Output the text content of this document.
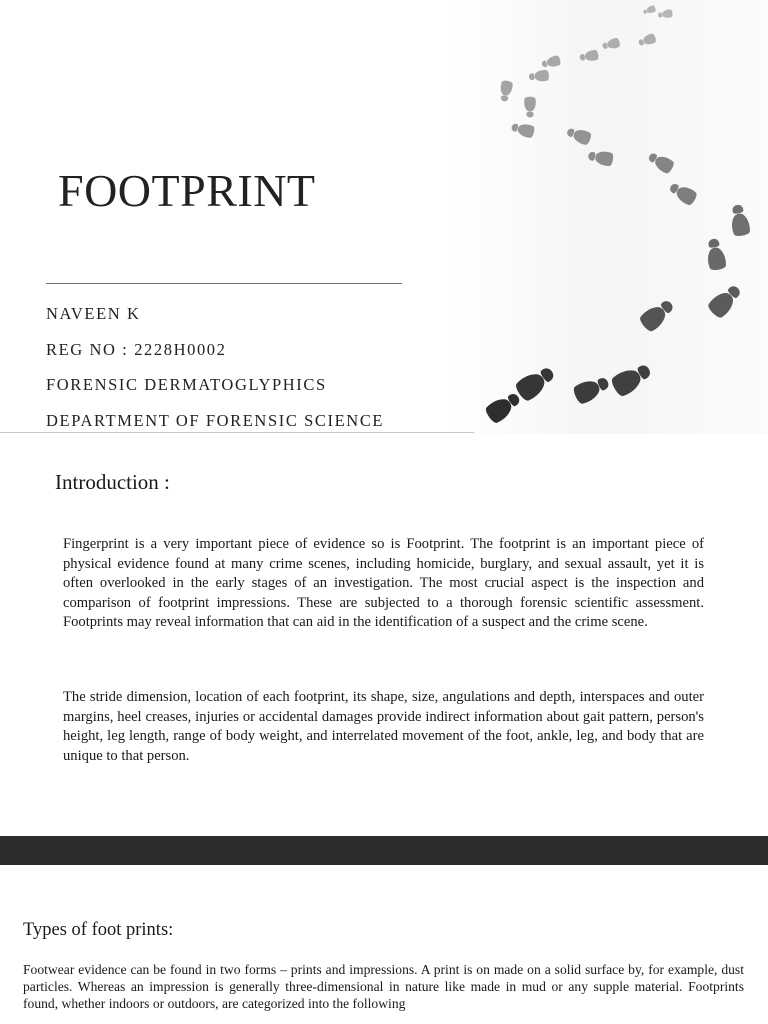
FOOTPRINT
NAVEEN K
REG NO : 2228H0002
FORENSIC DERMATOGLYPHICS
DEPARTMENT OF FORENSIC SCIENCE
Introduction :

Fingerprint is a very important piece of evidence so is Footprint. The footprint is an important piece of physical evidence found at many crime scenes, including homicide, burglary, and sexual assault, yet it is often overlooked in the early stages of an investigation. The most crucial aspect is the inspection and comparison of footprint impressions. These are subjected to a thorough forensic scientific assessment. Footprints may reveal information that can aid in the identification of a suspect and the crime scene.

The stride dimension, location of each footprint, its shape, size, angulations and depth, interspaces and outer margins, heel creases, injuries or accidental damages provide indirect information about gait pattern, person's height, leg length, range of body weight, and interrelated movement of the foot, ankle, leg, and body that are unique to that person.

Types of foot prints:

Footwear evidence can be found in two forms – prints and impressions. A print is on made on a solid surface by, for example, dust particles. Whereas an impression is generally three-dimensional in nature like made in mud or any supple material. Footprints found, whether indoors or outdoors, are categorized into the following
